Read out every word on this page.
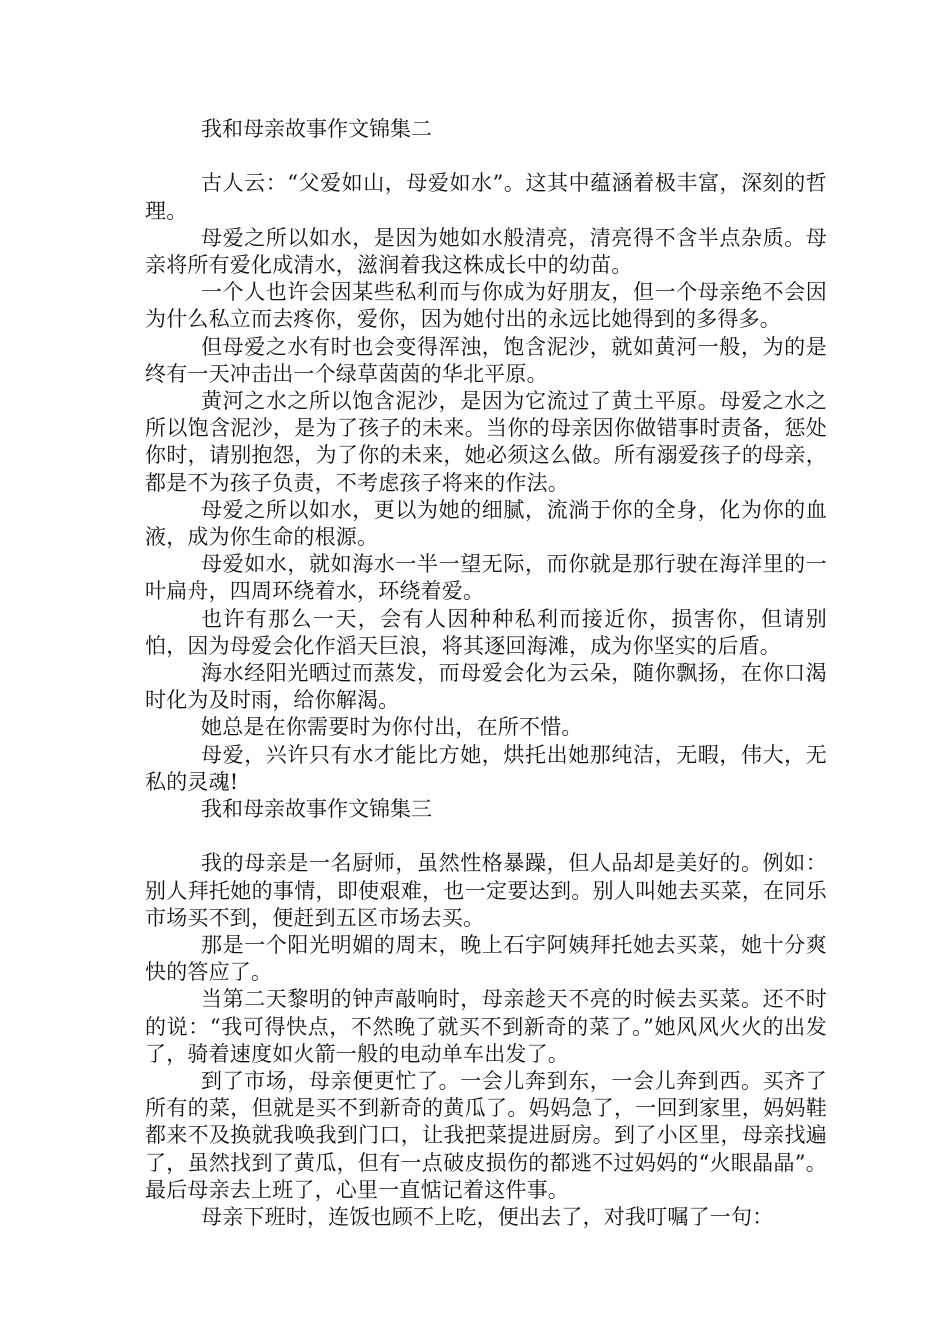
我和母亲故事作文锦集二

古人云：“父爱如山，母爱如水”。这其中蕴涵着极丰富，深刻的哲理。

母爱之所以如水，是因为她如水般清亮，清亮得不含半点杂质。母亲将所有爱化成清水，滋润着我这株成长中的幼苗。

一个人也许会因某些私利而与你成为好朋友，但一个母亲绝不会因为什么私立而去疼你，爱你，因为她付出的永远比她得到的多得多。

但母爱之水有时也会变得浑浊，饱含泥沙，就如黄河一般，为的是终有一天冲击出一个绿草茵茵的华北平原。

黄河之水之所以饱含泥沙，是因为它流过了黄土平原。母爱之水之所以饱含泥沙，是为了孩子的未来。当你的母亲因你做错事时责备，惩处你时，请别抱怨，为了你的未来，她必须这么做。所有溺爱孩子的母亲，都是不为孩子负责，不考虑孩子将来的作法。

母爱之所以如水，更以为她的细腻，流淌于你的全身，化为你的血液，成为你生命的根源。

母爱如水，就如海水一半一望无际，而你就是那行驶在海洋里的一叶扁舟，四周环绕着水，环绕着爱。

也许有那么一天，会有人因种种私利而接近你，损害你，但请别怕，因为母爱会化作滔天巨浪，将其逐回海滩，成为你坚实的后盾。

海水经阳光晒过而蒸发，而母爱会化为云朵，随你飘扬，在你口渴时化为及时雨，给你解渴。

她总是在你需要时为你付出，在所不惜。

母爱，兴许只有水才能比方她，烘托出她那纯洁，无暇，伟大，无私的灵魂!

我和母亲故事作文锦集三

我的母亲是一名厨师，虽然性格暴躁，但人品却是美好的。例如：别人拜托她的事情，即使艰难，也一定要达到。别人叫她去买菜，在同乐市场买不到，便赶到五区市场去买。

那是一个阳光明媚的周末，晚上石宇阿姨拜托她去买菜，她十分爽快的答应了。

当第二天黎明的钟声敲响时，母亲趁天不亮的时候去买菜。还不时的说：“我可得快点，不然晚了就买不到新奇的菜了。”她风风火火的出发了，骑着速度如火箭一般的电动单车出发了。

到了市场，母亲便更忙了。一会儿奔到东，一会儿奔到西。买齐了所有的菜，但就是买不到新奇的黄瓜了。妈妈急了，一回到家里，妈妈鞋都来不及换就我唤我到门口，让我把菜提进厨房。到了小区里，母亲找遍了，虽然找到了黄瓜，但有一点破皮损伤的都逃不过妈妈的“火眼晶晶”。最后母亲去上班了，心里一直惦记着这件事。

母亲下班时，连饭也顾不上吃，便出去了，对我叮嘱了一句：
